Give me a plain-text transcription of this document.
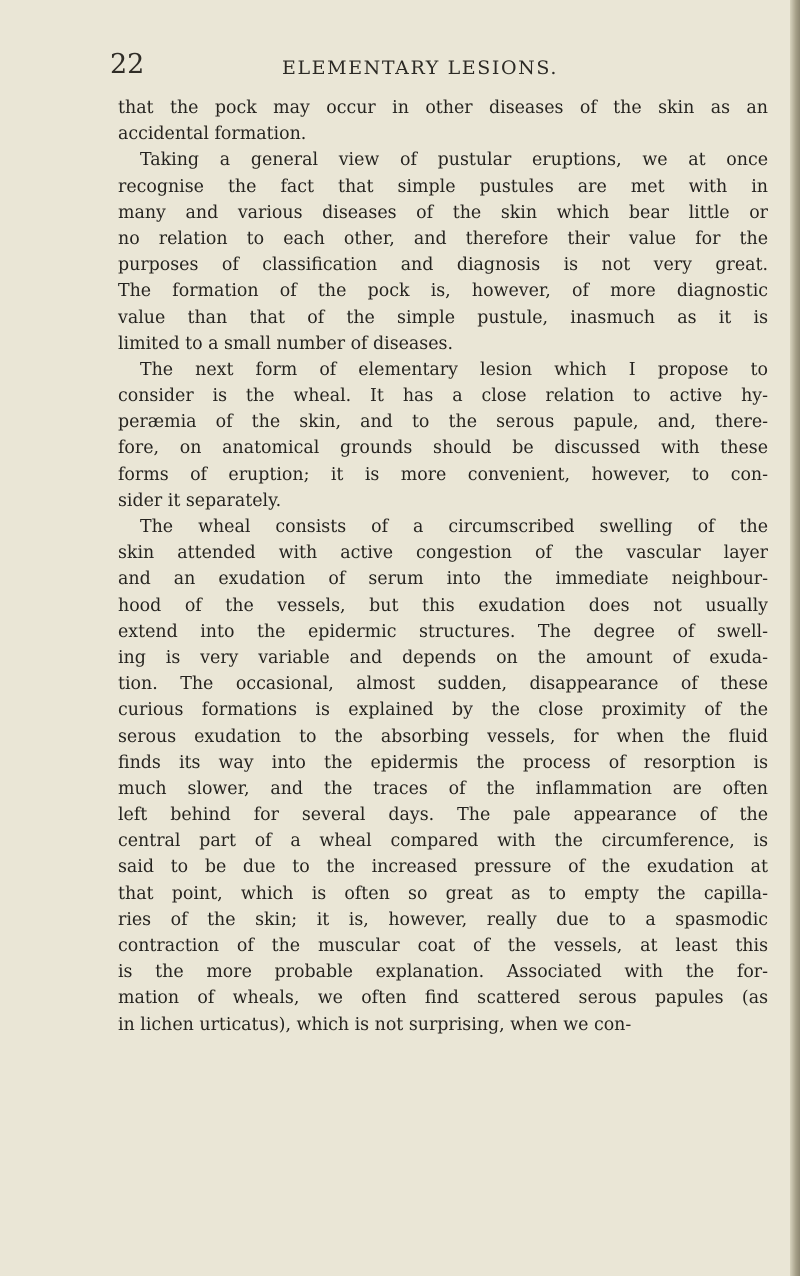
22	ELEMENTARY LESIONS.
that the pock may occur in other diseases of the skin as an
accidental formation.
Taking a general view of pustular eruptions, we at once
recognise the fact that simple pustules are met with in
many and various diseases of the skin which bear little or
no relation to each other, and therefore their value for the
purposes of classification and diagnosis is not very great.
The formation of the pock is, however, of more diagnostic
value than that of the simple pustule, inasmuch as it is
limited to a small number of diseases.
The next form of elementary lesion which I propose to
consider is the wheal. It has a close relation to active hy-
peræmia of the skin, and to the serous papule, and, there-
fore, on anatomical grounds should be discussed with these
forms of eruption; it is more convenient, however, to con-
sider it separately.
The wheal consists of a circumscribed swelling of the
skin attended with active congestion of the vascular layer
and an exudation of serum into the immediate neighbour-
hood of the vessels, but this exudation does not usually
extend into the epidermic structures. The degree of swell-
ing is very variable and depends on the amount of exuda-
tion. The occasional, almost sudden, disappearance of these
curious formations is explained by the close proximity of the
serous exudation to the absorbing vessels, for when the fluid
finds its way into the epidermis the process of resorption is
much slower, and the traces of the inflammation are often
left behind for several days. The pale appearance of the
central part of a wheal compared with the circumference, is
said to be due to the increased pressure of the exudation at
that point, which is often so great as to empty the capilla-
ries of the skin; it is, however, really due to a spasmodic
contraction of the muscular coat of the vessels, at least this
is the more probable explanation. Associated with the for-
mation of wheals, we often find scattered serous papules (as
in lichen urticatus), which is not surprising, when we con-
